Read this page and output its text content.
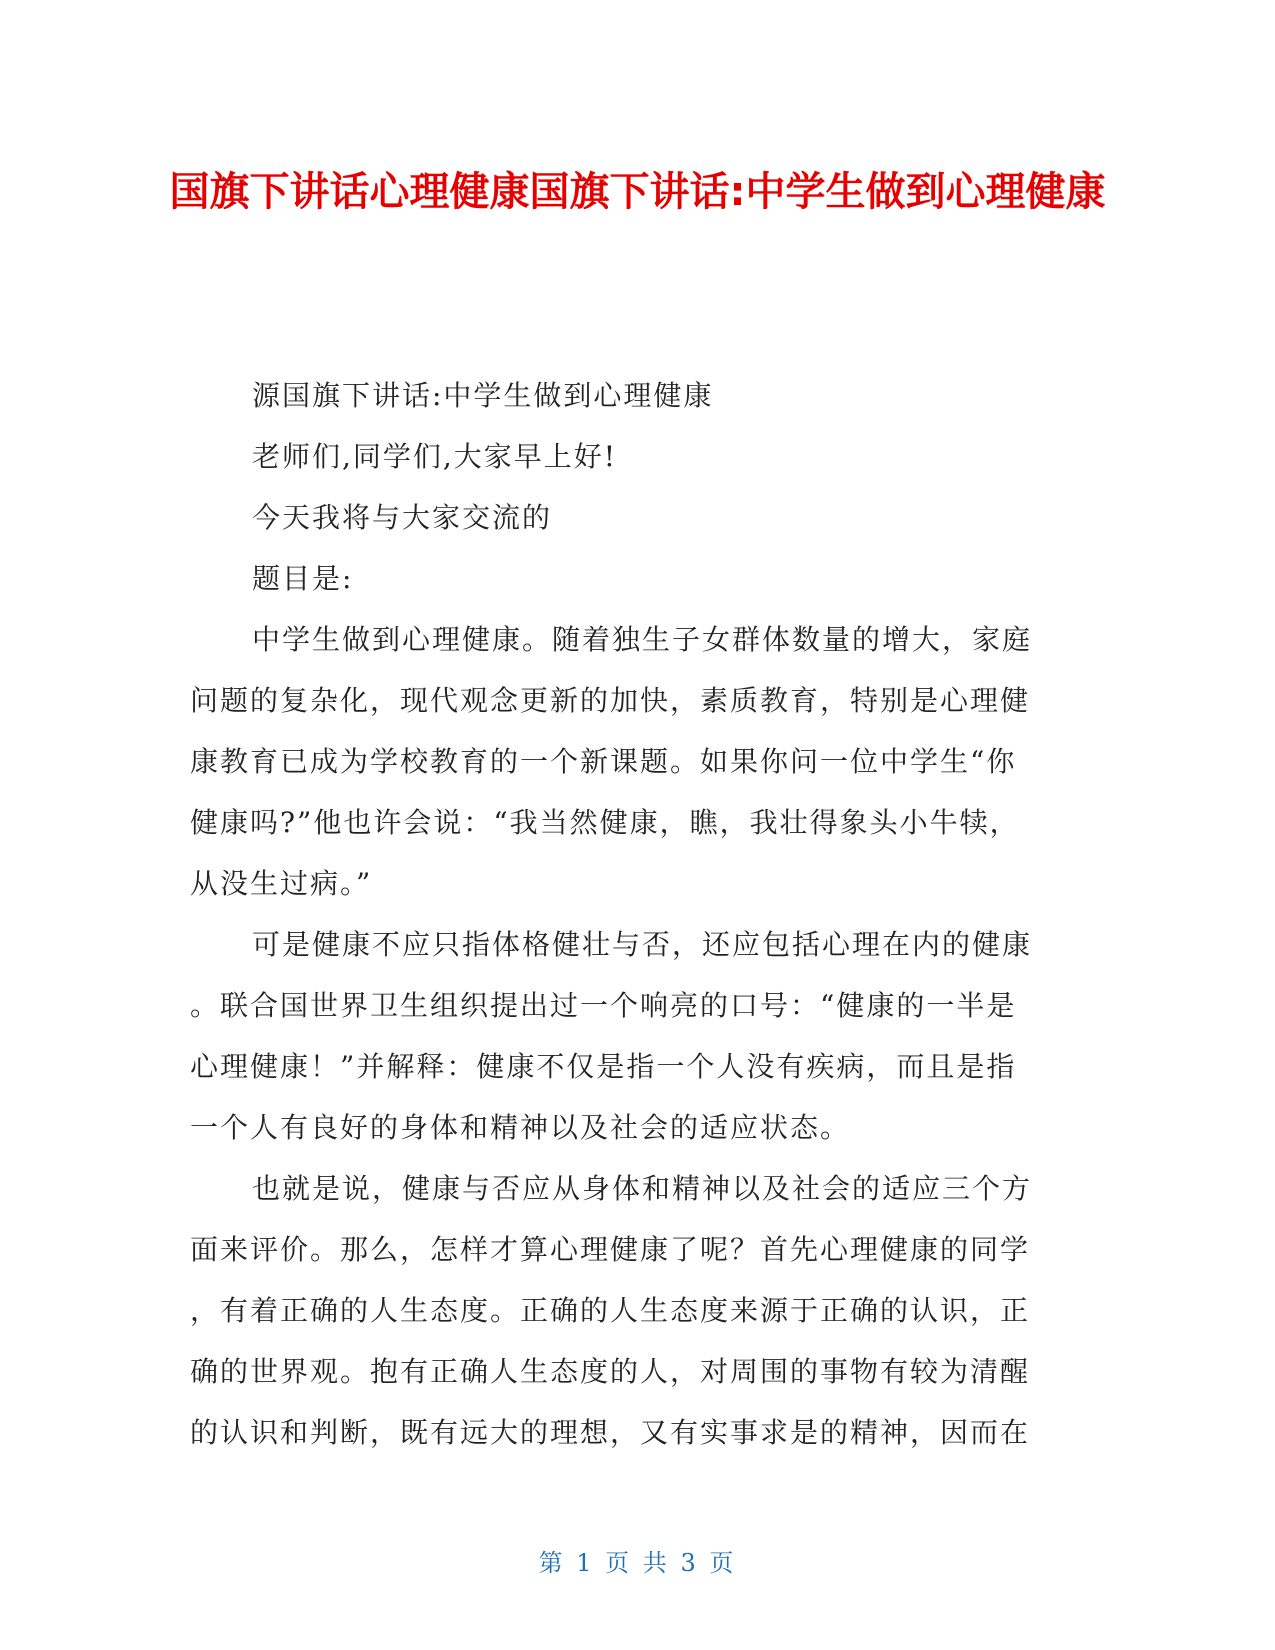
国旗下讲话心理健康国旗下讲话:中学生做到心理健康
源国旗下讲话:中学生做到心理健康
老师们,同学们,大家早上好!
今天我将与大家交流的
题目是:
中学生做到心理健康。随着独生子女群体数量的增大，家庭
问题的复杂化，现代观念更新的加快，素质教育，特别是心理健
康教育已成为学校教育的一个新课题。如果你问一位中学生“你
健康吗?”他也许会说：“我当然健康，瞧，我壮得象头小牛犊，
从没生过病。”
可是健康不应只指体格健壮与否，还应包括心理在内的健康
。联合国世界卫生组织提出过一个响亮的口号：“健康的一半是
心理健康！”并解释：健康不仅是指一个人没有疾病，而且是指
一个人有良好的身体和精神以及社会的适应状态。
也就是说，健康与否应从身体和精神以及社会的适应三个方
面来评价。那么，怎样才算心理健康了呢？首先心理健康的同学
，有着正确的人生态度。正确的人生态度来源于正确的认识，正
确的世界观。抱有正确人生态度的人，对周围的事物有较为清醒
的认识和判断，既有远大的理想，又有实事求是的精神，因而在
第 1 页 共 3 页
